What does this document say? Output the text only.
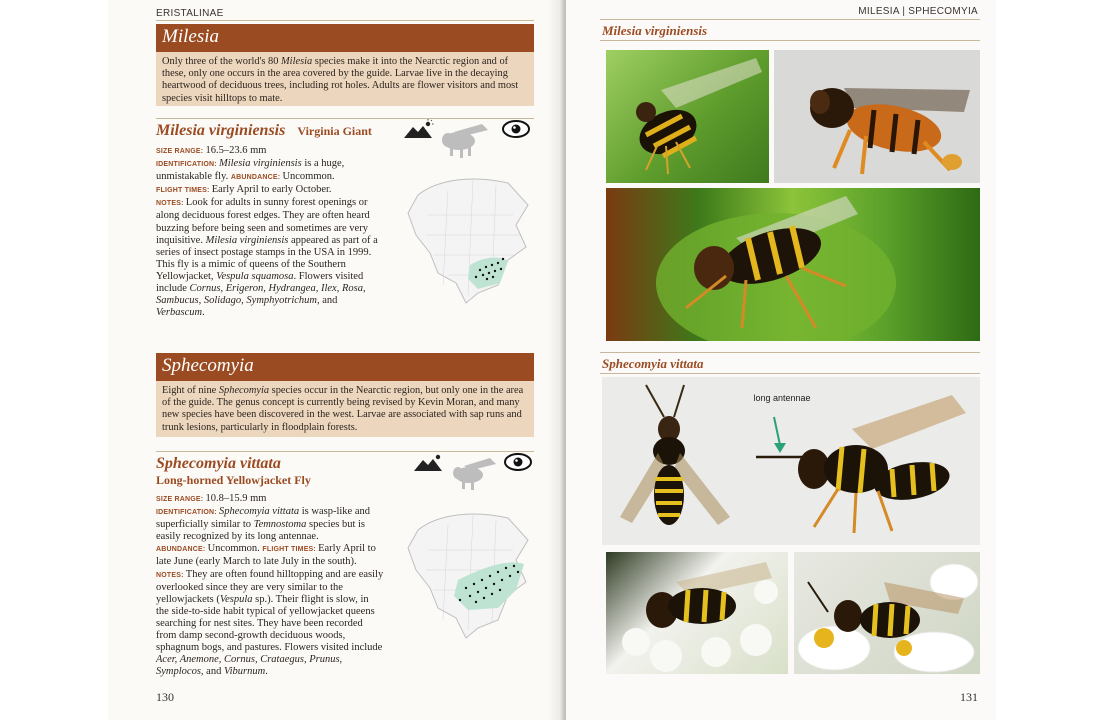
ERISTALINAE
Milesia
Only three of the world's 80 Milesia species make it into the Nearctic region and of these, only one occurs in the area covered by the guide. Larvae live in the decaying heartwood of deciduous trees, including rot holes. Adults are flower visitors and most species visit hilltops to mate.
Milesia virginiensis Virginia Giant
SIZE RANGE: 16.5–23.6 mm
IDENTIFICATION: Milesia virginiensis is a huge, unmistakable fly. ABUNDANCE: Uncommon.
FLIGHT TIMES: Early April to early October.
NOTES: Look for adults in sunny forest openings or along deciduous forest edges. They are often heard buzzing before being seen and sometimes are very inquisitive. Milesia virginiensis appeared as part of a series of insect postage stamps in the USA in 1999. This fly is a mimic of queens of the Southern Yellowjacket, Vespula squamosa. Flowers visited include Cornus, Erigeron, Hydrangea, Ilex, Rosa, Sambucus, Solidago, Symphyotrichum, and Verbascum.
Sphecomyia
Eight of nine Sphecomyia species occur in the Nearctic region, but only one in the area of the guide. The genus concept is currently being revised by Kevin Moran, and many new species have been discovered in the west. Larvae are associated with sap runs and trunk lesions, particularly in floodplain forests.
Sphecomyia vittata
Long-horned Yellowjacket Fly
SIZE RANGE: 10.8–15.9 mm
IDENTIFICATION: Sphecomyia vittata is wasp-like and superficially similar to Temnostoma species but is easily recognized by its long antennae.
ABUNDANCE: Uncommon. FLIGHT TIMES: Early April to late June (early March to late July in the south).
NOTES: They are often found hilltopping and are easily overlooked since they are very similar to the yellowjackets (Vespula sp.). Their flight is slow, in the side-to-side habit typical of yellowjacket queens searching for nest sites. They have been recorded from damp second-growth deciduous woods, sphagnum bogs, and pastures. Flowers visited include Acer, Anemone, Cornus, Crataegus, Prunus, Symplocos, and Viburnum.
130
MILESIA | SPHECOMYIA
Milesia virginiensis
Sphecomyia vittata
long antennae
131
